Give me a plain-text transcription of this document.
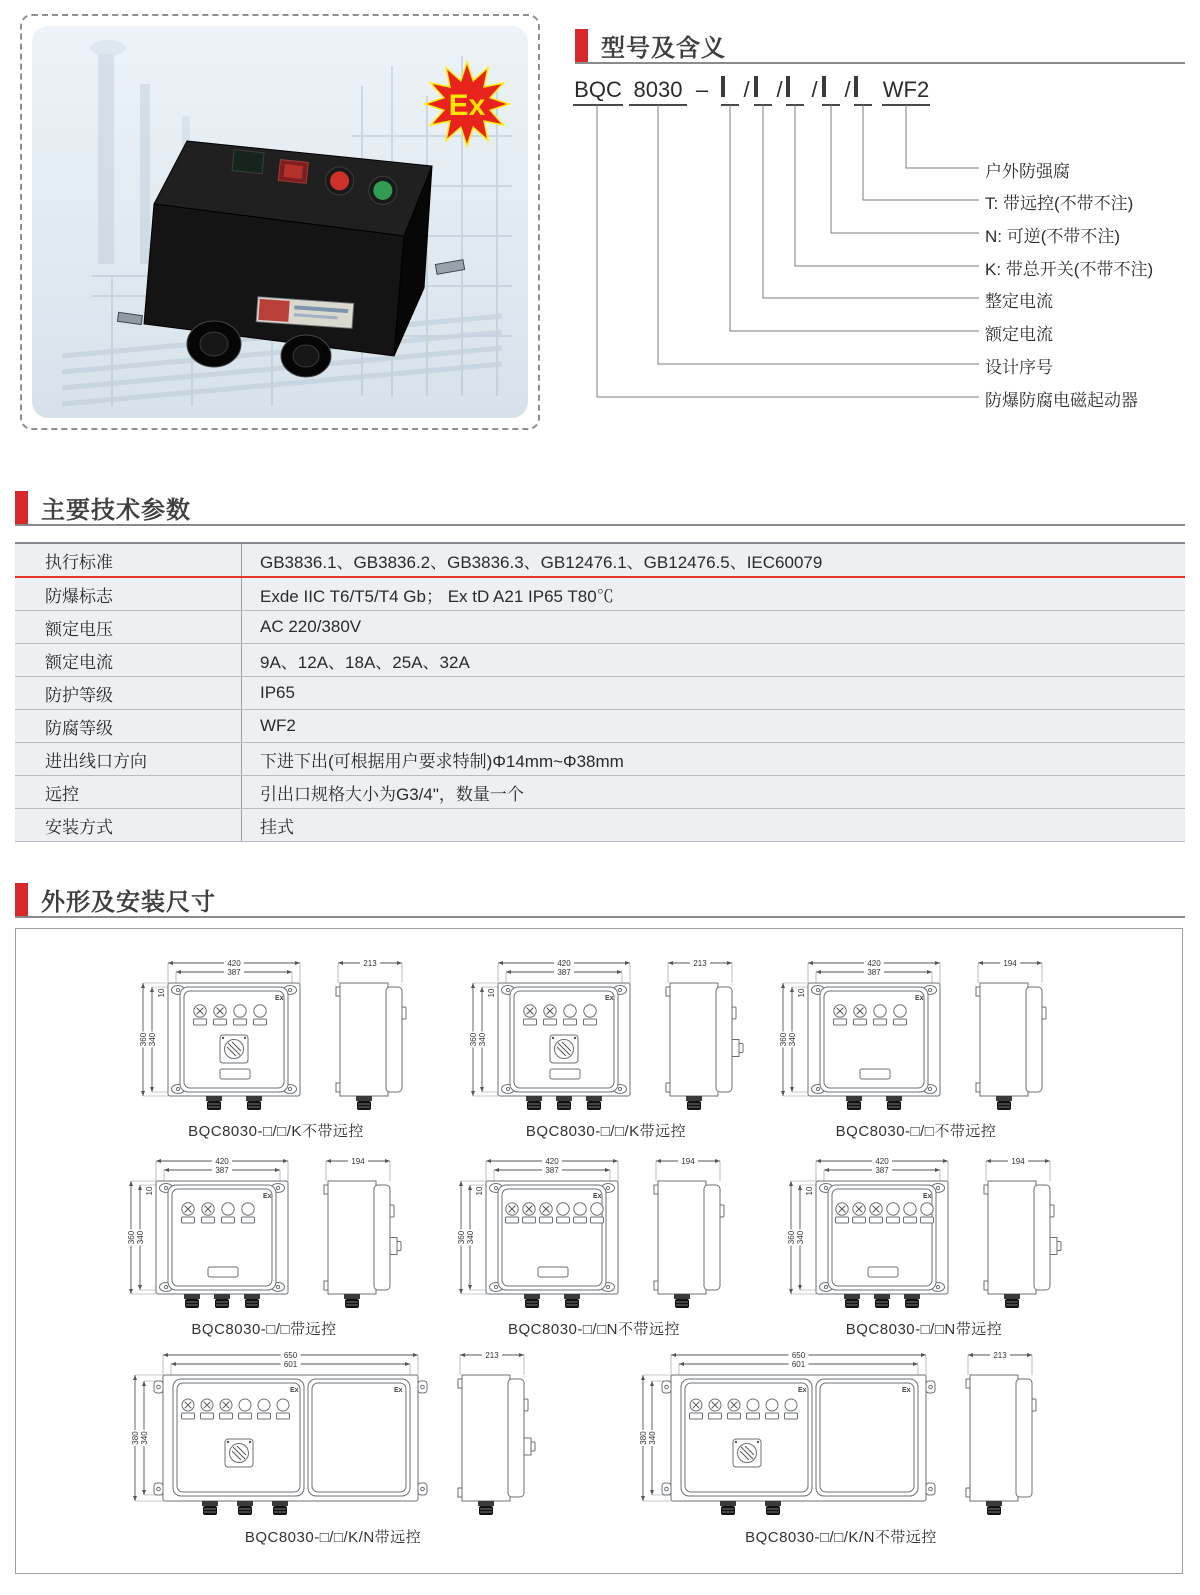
Ex
型号及含义
BQC 8030 – / / / / WF2
户外防强腐
T: 带远控(不带不注)
N: 可逆(不带不注)
K: 带总开关(不带不注)
整定电流
额定电流
设计序号
防爆防腐电磁起动器
主要技术参数
执行标准	GB3836.1、GB3836.2、GB3836.3、GB12476.1、GB12476.5、IEC60079
防爆标志	Exde IIC T6/T5/T4 Gb； Ex tD A21 IP65 T80℃
额定电压	AC 220/380V
额定电流	9A、12A、18A、25A、32A
防护等级	IP65
防腐等级	WF2
进出线口方向	下进下出(可根据用户要求特制)Φ14mm~Φ38mm
远控	引出口规格大小为G3/4"，数量一个
安装方式	挂式
外形及安装尺寸
420
387
360 340
10
Ex
213
BQC8030-□/□/K不带远控
420
387
360 340
10
Ex
213
BQC8030-□/□/K带远控
420
387
360 340
10
Ex
194
BQC8030-□/□不带远控
420
387
360 340
10
Ex
194
BQC8030-□/□带远控
420
387
360 340
10
Ex
194
BQC8030-□/□N不带远控
420
387
360 340
10
Ex
194
BQC8030-□/□N带远控
650
601
380 340
Ex	Ex
213
BQC8030-□/□/K/N带远控
650
601
380 340
Ex	Ex
213
BQC8030-□/□/K/N不带远控
